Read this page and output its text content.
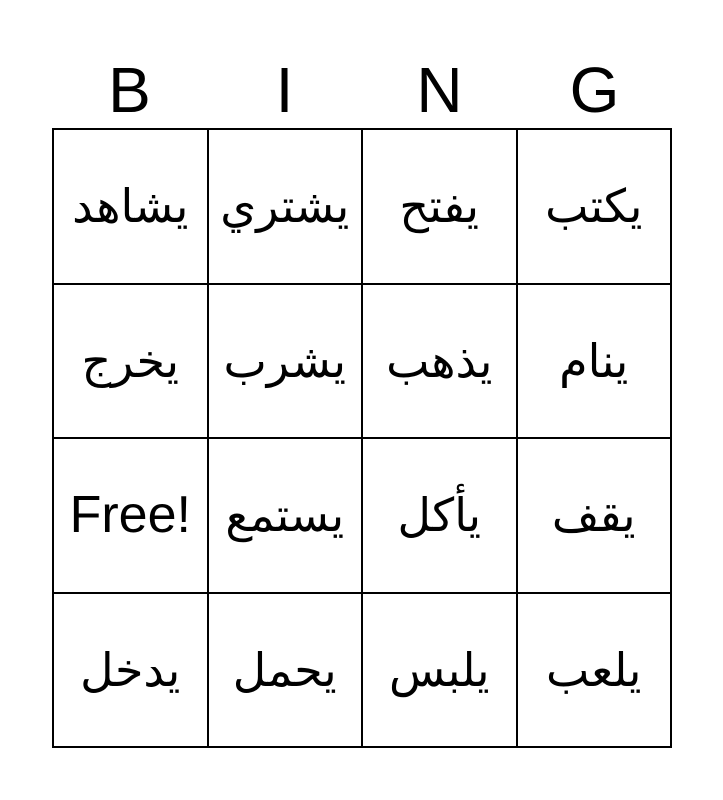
B	I	N	G
يشاهد يشتري يفتح يكتب
يخرج يشرب يذهب ينام
Free! يستمع يأكل يقف
يدخل يحمل يلبس يلعب
